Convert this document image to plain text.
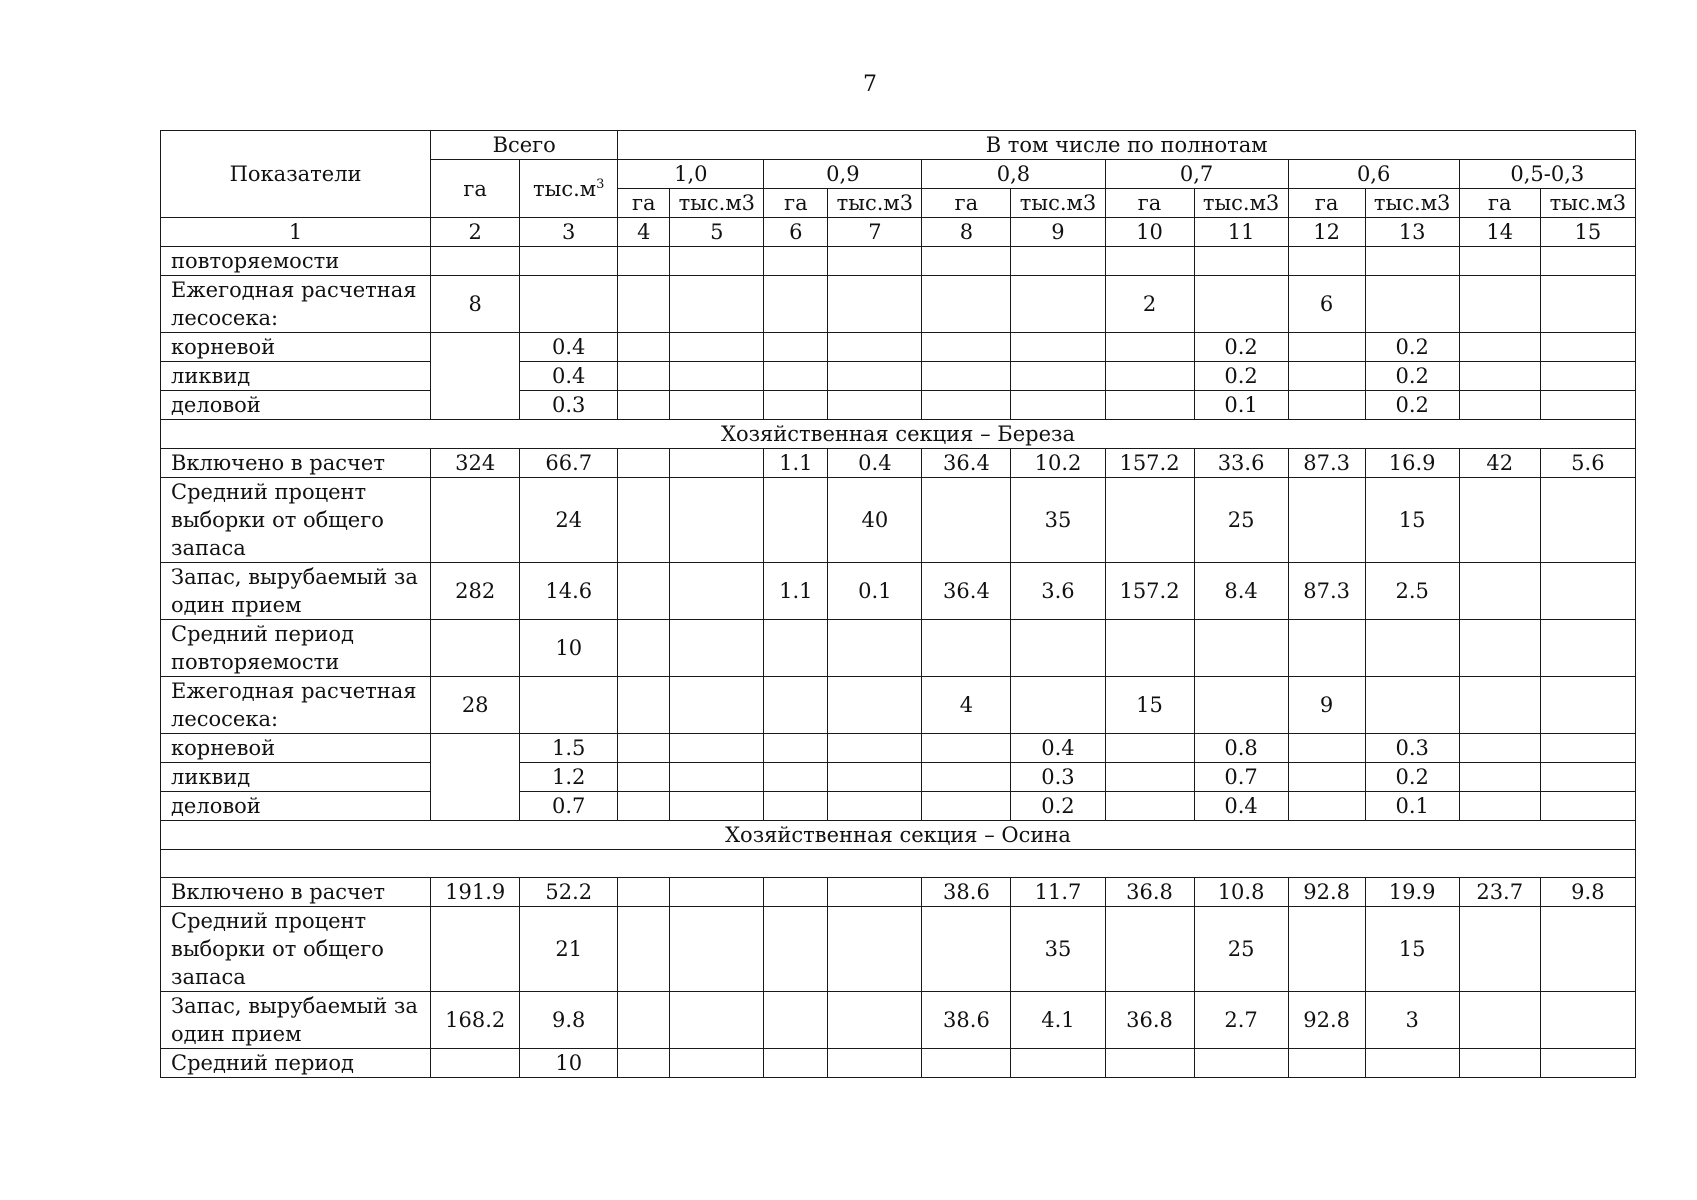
7
Показатели	Всего		В том числе по полнотам											
	га	$тыс.м^3$	1,0		0,9		0,8		0,7		0,6		0,5-0,3	
			га	тыс.м3	га	тыс.м3	га	тыс.м3	га	тыс.м3	га	тыс.м3	га	тыс.м3
1	2	3	4	5	6	7	8	9	10	11	12	13	14	15
повторяемости														
Ежегодная расчетная лесосека:	8								2		6			
корневой		0.4								0.2		0.2		
ликвид		0.4								0.2		0.2		
деловой		0.3								0.1		0.2		
Хозяйственная секция – Береза														
Включено в расчет	324	66.7			1.1	0.4	36.4	10.2	157.2	33.6	87.3	16.9	42	5.6
Средний процент выборки от общего запаса		24				40		35		25		15		
Запас, вырубаемый за один прием	282	14.6			1.1	0.1	36.4	3.6	157.2	8.4	87.3	2.5		
Средний период повторяемости		10												
Ежегодная расчетная лесосека:	28						4		15		9			
корневой		1.5						0.4		0.8		0.3		
ликвид		1.2						0.3		0.7		0.2		
деловой		0.7						0.2		0.4		0.1		
Хозяйственная секция – Осина														

Включено в расчет	191.9	52.2					38.6	11.7	36.8	10.8	92.8	19.9	23.7	9.8
Средний процент выборки от общего запаса		21						35		25		15		
Запас, вырубаемый за один прием	168.2	9.8					38.6	4.1	36.8	2.7	92.8	3		
Средний период		10												
